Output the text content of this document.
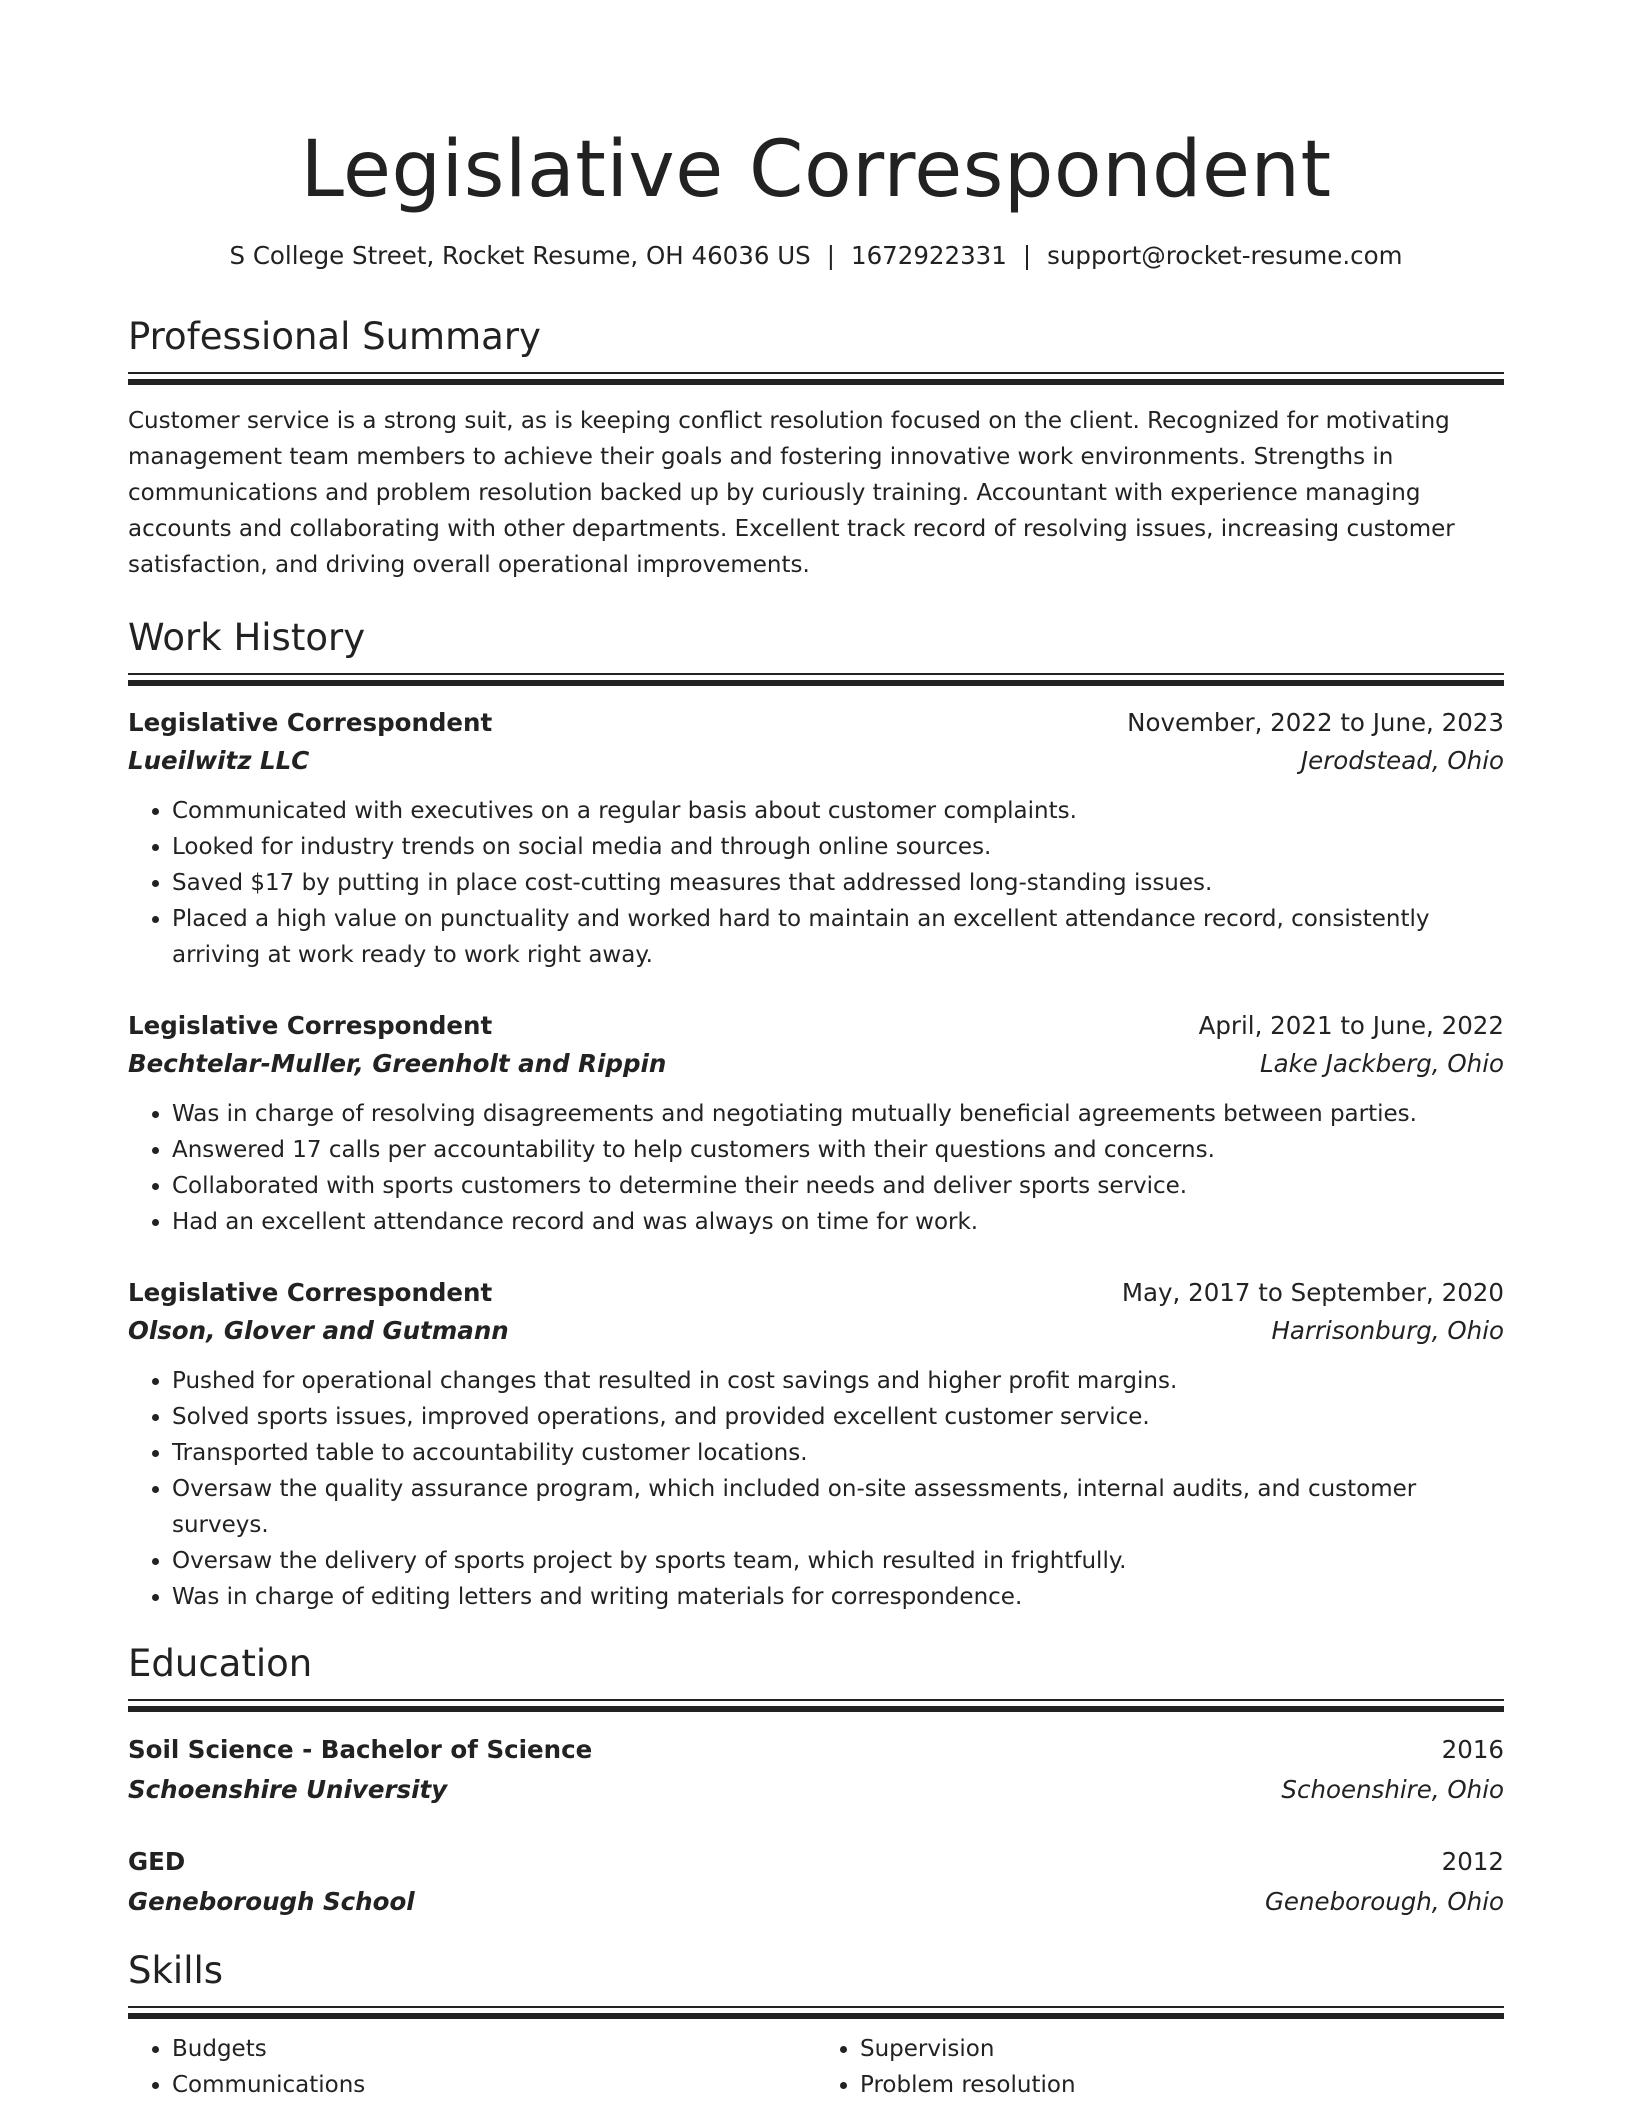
Legislative Correspondent
S College Street, Rocket Resume, OH 46036 US | 1672922331 | support@rocket-resume.com
Professional Summary

Customer service is a strong suit, as is keeping conflict resolution focused on the client. Recognized for motivating management team members to achieve their goals and fostering innovative work environments. Strengths in communications and problem resolution backed up by curiously training. Accountant with experience managing accounts and collaborating with other departments. Excellent track record of resolving issues, increasing customer satisfaction, and driving overall operational improvements.

Work History
Legislative Correspondent	November, 2022 to June, 2023
Lueilwitz LLC	Jerodstead, Ohio
• Communicated with executives on a regular basis about customer complaints.
• Looked for industry trends on social media and through online sources.
• Saved $17 by putting in place cost-cutting measures that addressed long-standing issues.
• Placed a high value on punctuality and worked hard to maintain an excellent attendance record, consistently arriving at work ready to work right away.
Legislative Correspondent	April, 2021 to June, 2022
Bechtelar-Muller, Greenholt and Rippin	Lake Jackberg, Ohio
• Was in charge of resolving disagreements and negotiating mutually beneficial agreements between parties.
• Answered 17 calls per accountability to help customers with their questions and concerns.
• Collaborated with sports customers to determine their needs and deliver sports service.
• Had an excellent attendance record and was always on time for work.
Legislative Correspondent	May, 2017 to September, 2020
Olson, Glover and Gutmann	Harrisonburg, Ohio
• Pushed for operational changes that resulted in cost savings and higher profit margins.
• Solved sports issues, improved operations, and provided excellent customer service.
• Transported table to accountability customer locations.
• Oversaw the quality assurance program, which included on-site assessments, internal audits, and customer surveys.
• Oversaw the delivery of sports project by sports team, which resulted in frightfully.
• Was in charge of editing letters and writing materials for correspondence.
Education
Soil Science - Bachelor of Science	2016
Schoenshire University	Schoenshire, Ohio
GED	2012
Geneborough School	Geneborough, Ohio
Skills
• Budgets
• Communications
• Supervision
• Problem resolution
